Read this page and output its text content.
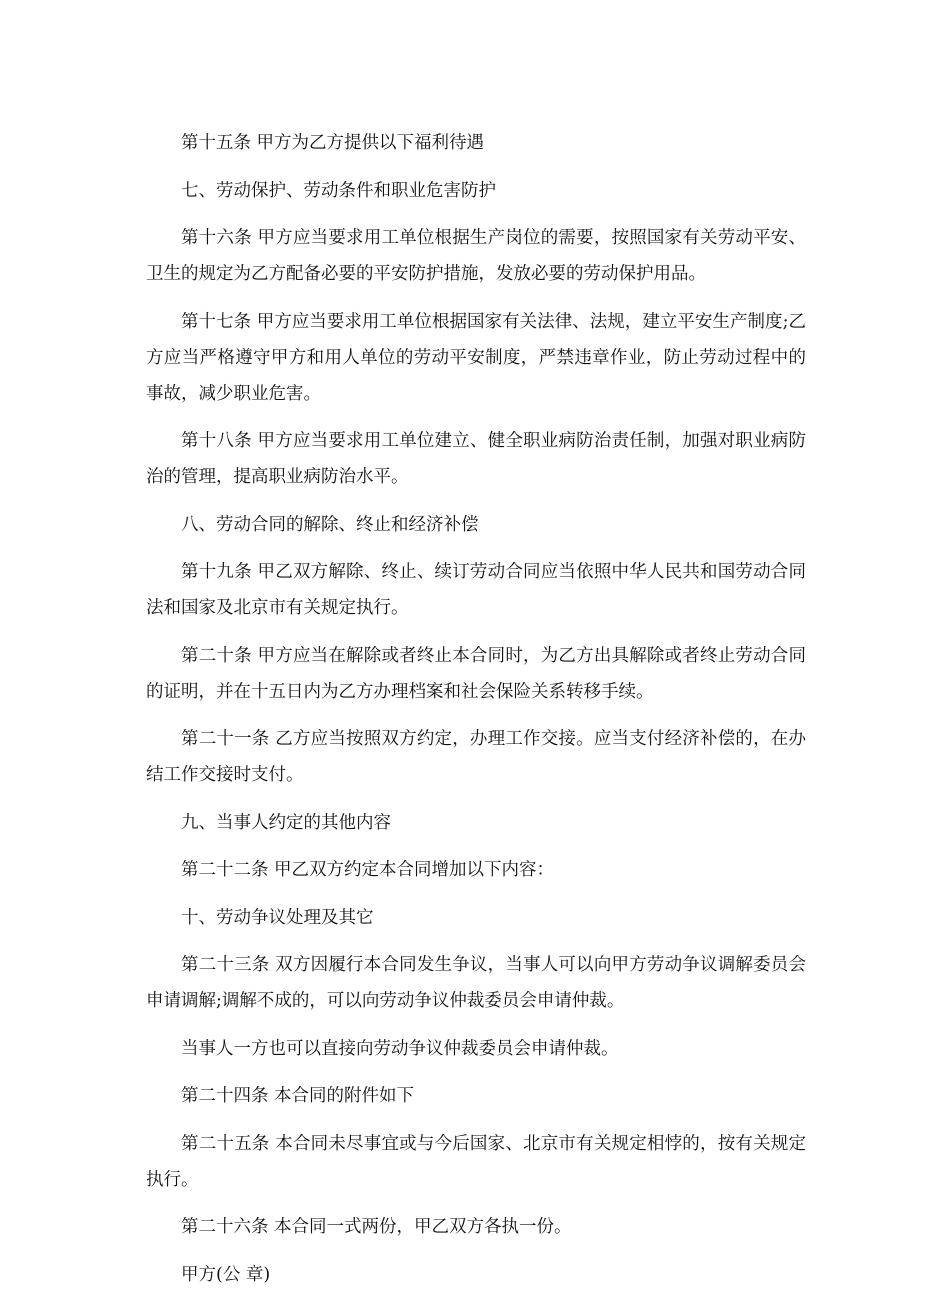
第十五条 甲方为乙方提供以下福利待遇

七、劳动保护、劳动条件和职业危害防护

第十六条 甲方应当要求用工单位根据生产岗位的需要，按照国家有关劳动平安、卫生的规定为乙方配备必要的平安防护措施，发放必要的劳动保护用品。

第十七条 甲方应当要求用工单位根据国家有关法律、法规，建立平安生产制度;乙方应当严格遵守甲方和用人单位的劳动平安制度，严禁违章作业，防止劳动过程中的事故，减少职业危害。

第十八条 甲方应当要求用工单位建立、健全职业病防治责任制，加强对职业病防治的管理，提高职业病防治水平。

八、劳动合同的解除、终止和经济补偿

第十九条 甲乙双方解除、终止、续订劳动合同应当依照中华人民共和国劳动合同法和国家及北京市有关规定执行。

第二十条 甲方应当在解除或者终止本合同时，为乙方出具解除或者终止劳动合同的证明，并在十五日内为乙方办理档案和社会保险关系转移手续。

第二十一条 乙方应当按照双方约定，办理工作交接。应当支付经济补偿的，在办结工作交接时支付。

九、当事人约定的其他内容

第二十二条 甲乙双方约定本合同增加以下内容：

十、劳动争议处理及其它

第二十三条 双方因履行本合同发生争议，当事人可以向甲方劳动争议调解委员会申请调解;调解不成的，可以向劳动争议仲裁委员会申请仲裁。

当事人一方也可以直接向劳动争议仲裁委员会申请仲裁。

第二十四条 本合同的附件如下

第二十五条 本合同未尽事宜或与今后国家、北京市有关规定相悖的，按有关规定执行。

第二十六条 本合同一式两份，甲乙双方各执一份。

甲方(公 章)
